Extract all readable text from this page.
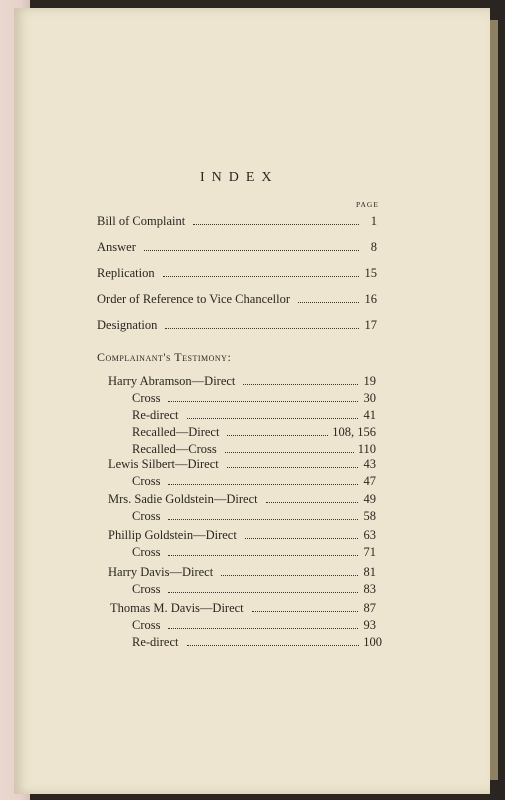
INDEX
PAGE
Complainant's Testimony:
Bill of Complaint	1
Answer	8
Replication	15
Order of Reference to Vice Chancellor	16
Designation	17
Harry Abramson—Direct	19
Cross	30
Re-direct	41
Recalled—Direct	108, 156
Recalled—Cross	110
Lewis Silbert—Direct	43
Cross	47
Mrs. Sadie Goldstein—Direct	49
Cross	58
Phillip Goldstein—Direct	63
Cross	71
Harry Davis—Direct	81
Cross	83
Thomas M. Davis—Direct	87
Cross	93
Re-direct	100
